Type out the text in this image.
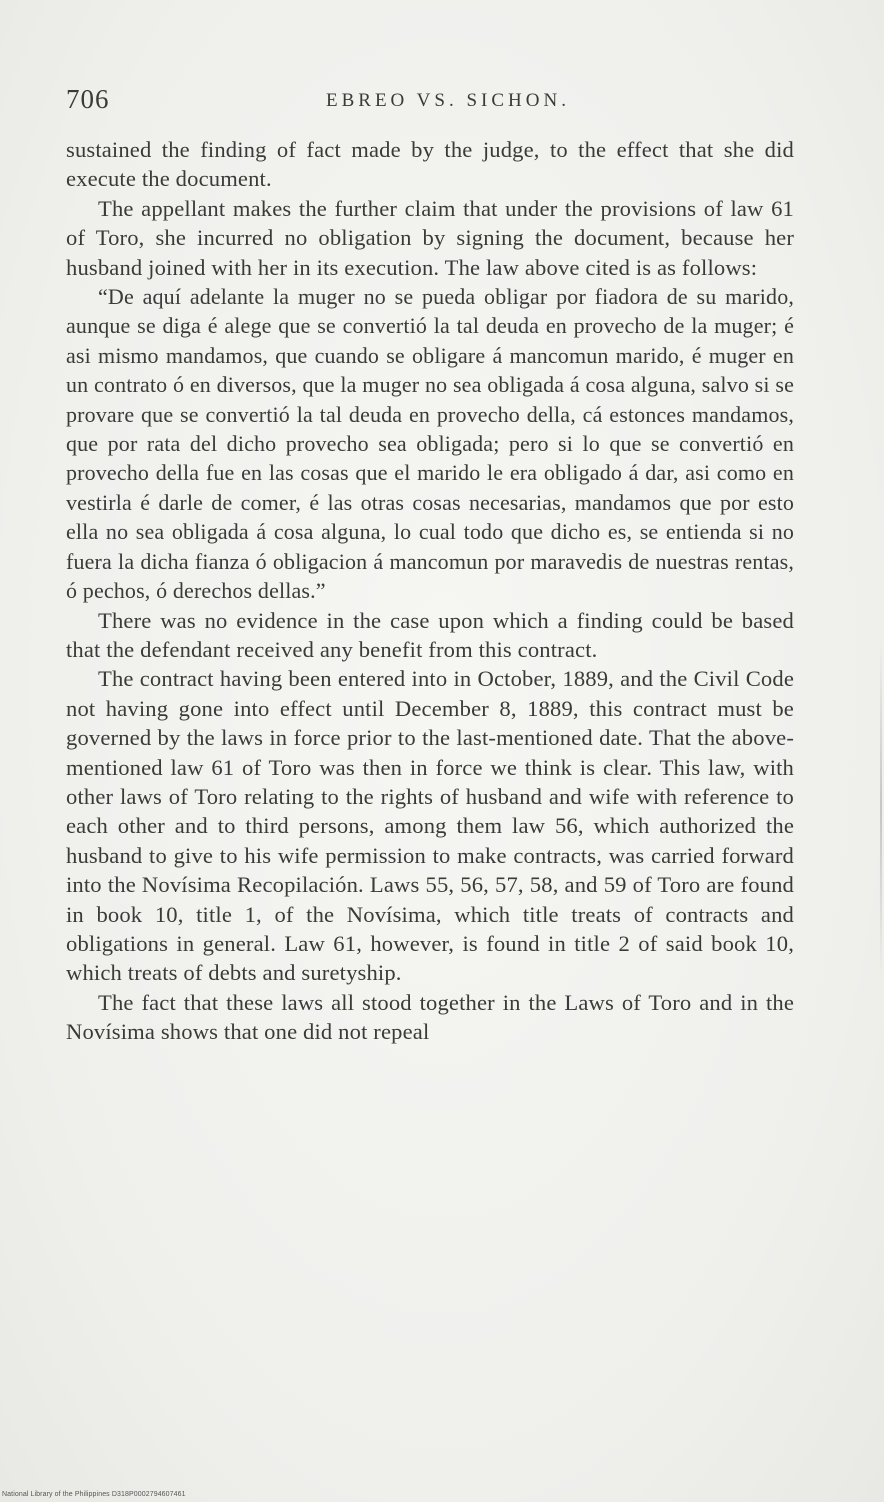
706	EBREO VS. SICHON.

sustained the finding of fact made by the judge, to the effect that she did execute the document.

The appellant makes the further claim that under the provisions of law 61 of Toro, she incurred no obligation by signing the document, because her husband joined with her in its execution. The law above cited is as follows:

“De aquí adelante la muger no se pueda obligar por fiadora de su marido, aunque se diga é alege que se convertió la tal deuda en provecho de la muger; é asi mismo mandamos, que cuando se obligare á mancomun marido, é muger en un contrato ó en diversos, que la muger no sea obligada á cosa alguna, salvo si se provare que se convertió la tal deuda en provecho della, cá estonces mandamos, que por rata del dicho provecho sea obligada; pero si lo que se convertió en provecho della fue en las cosas que el marido le era obligado á dar, asi como en vestirla é darle de comer, é las otras cosas necesarias, mandamos que por esto ella no sea obligada á cosa alguna, lo cual todo que dicho es, se entienda si no fuera la dicha fianza ó obligacion á mancomun por maravedis de nuestras rentas, ó pechos, ó derechos dellas.”

There was no evidence in the case upon which a finding could be based that the defendant received any benefit from this contract.

The contract having been entered into in October, 1889, and the Civil Code not having gone into effect until December 8, 1889, this contract must be governed by the laws in force prior to the last-mentioned date. That the above-mentioned law 61 of Toro was then in force we think is clear. This law, with other laws of Toro relating to the rights of husband and wife with reference to each other and to third persons, among them law 56, which authorized the husband to give to his wife permission to make contracts, was carried forward into the Novísima Recopilación. Laws 55, 56, 57, 58, and 59 of Toro are found in book 10, title 1, of the Novísima, which title treats of contracts and obligations in general. Law 61, however, is found in title 2 of said book 10, which treats of debts and suretyship.

The fact that these laws all stood together in the Laws of Toro and in the Novísima shows that one did not repeal

National Library of the Philippines D318P0002794607461
